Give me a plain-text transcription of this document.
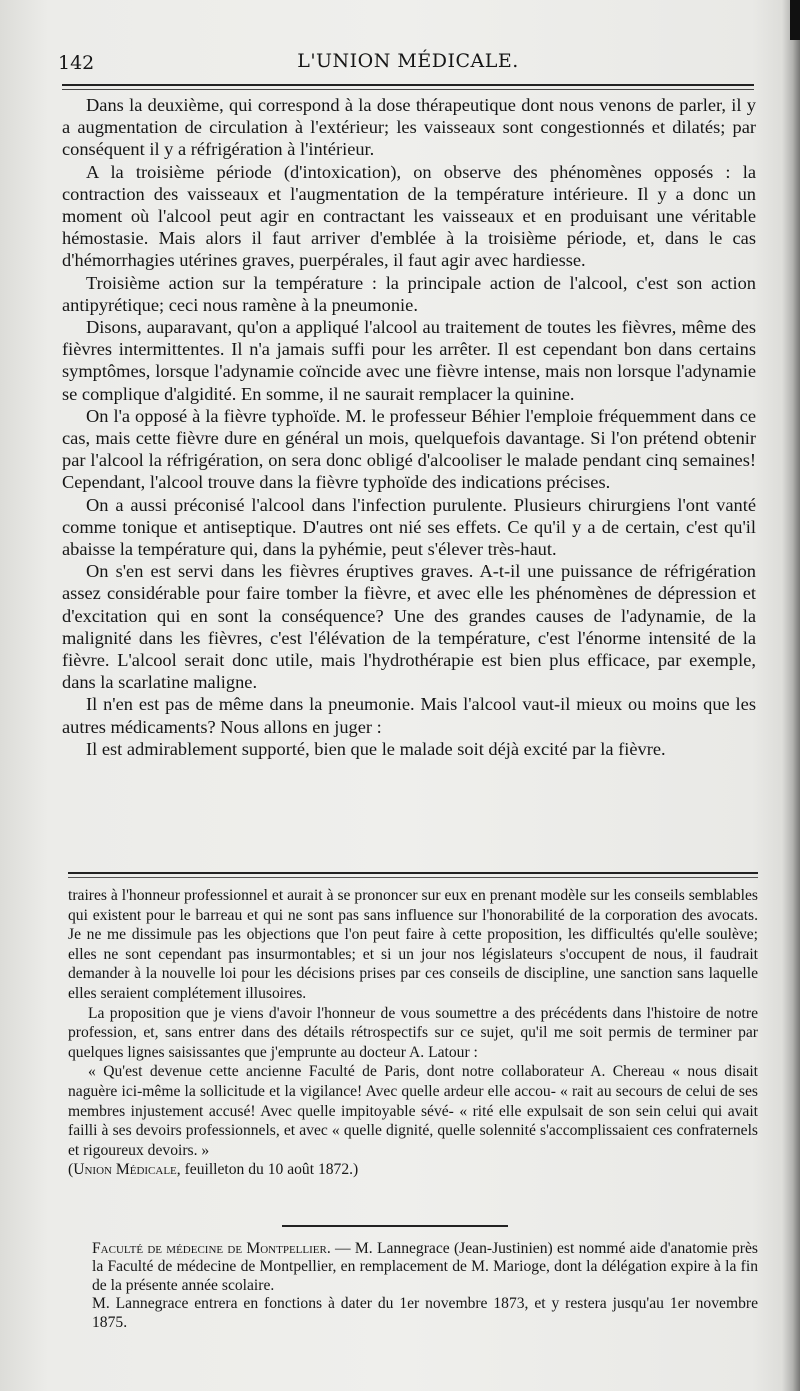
142	L'UNION MÉDICALE.

Dans la deuxième, qui correspond à la dose thérapeutique dont nous venons de parler, il y a augmentation de circulation à l'extérieur; les vaisseaux sont congestionnés et dilatés; par conséquent il y a réfrigération à l'intérieur.

A la troisième période (d'intoxication), on observe des phénomènes opposés : la contraction des vaisseaux et l'augmentation de la température intérieure. Il y a donc un moment où l'alcool peut agir en contractant les vaisseaux et en produisant une véritable hémostasie. Mais alors il faut arriver d'emblée à la troisième période, et, dans le cas d'hémorrhagies utérines graves, puerpérales, il faut agir avec hardiesse.

Troisième action sur la température : la principale action de l'alcool, c'est son action antipyrétique; ceci nous ramène à la pneumonie.

Disons, auparavant, qu'on a appliqué l'alcool au traitement de toutes les fièvres, même des fièvres intermittentes. Il n'a jamais suffi pour les arrêter. Il est cependant bon dans certains symptômes, lorsque l'adynamie coïncide avec une fièvre intense, mais non lorsque l'adynamie se complique d'algidité. En somme, il ne saurait remplacer la quinine.

On l'a opposé à la fièvre typhoïde. M. le professeur Béhier l'emploie fréquemment dans ce cas, mais cette fièvre dure en général un mois, quelquefois davantage. Si l'on prétend obtenir par l'alcool la réfrigération, on sera donc obligé d'alcooliser le malade pendant cinq semaines! Cependant, l'alcool trouve dans la fièvre typhoïde des indications précises.

On a aussi préconisé l'alcool dans l'infection purulente. Plusieurs chirurgiens l'ont vanté comme tonique et antiseptique. D'autres ont nié ses effets. Ce qu'il y a de certain, c'est qu'il abaisse la température qui, dans la pyhémie, peut s'élever très-haut.

On s'en est servi dans les fièvres éruptives graves. A-t-il une puissance de réfrigération assez considérable pour faire tomber la fièvre, et avec elle les phénomènes de dépression et d'excitation qui en sont la conséquence? Une des grandes causes de l'adynamie, de la malignité dans les fièvres, c'est l'élévation de la température, c'est l'énorme intensité de la fièvre. L'alcool serait donc utile, mais l'hydrothérapie est bien plus efficace, par exemple, dans la scarlatine maligne.

Il n'en est pas de même dans la pneumonie. Mais l'alcool vaut-il mieux ou moins que les autres médicaments? Nous allons en juger :

Il est admirablement supporté, bien que le malade soit déjà excité par la fièvre.

traires à l'honneur professionnel et aurait à se prononcer sur eux en prenant modèle sur les conseils semblables qui existent pour le barreau et qui ne sont pas sans influence sur l'honorabilité de la corporation des avocats. Je ne me dissimule pas les objections que l'on peut faire à cette proposition, les difficultés qu'elle soulève; elles ne sont cependant pas insurmontables; et si un jour nos législateurs s'occupent de nous, il faudrait demander à la nouvelle loi pour les décisions prises par ces conseils de discipline, une sanction sans laquelle elles seraient complétement illusoires.

La proposition que je viens d'avoir l'honneur de vous soumettre a des précédents dans l'histoire de notre profession, et, sans entrer dans des détails rétrospectifs sur ce sujet, qu'il me soit permis de terminer par quelques lignes saisissantes que j'emprunte au docteur A. Latour :

« Qu'est devenue cette ancienne Faculté de Paris, dont notre collaborateur A. Chereau « nous disait naguère ici-même la sollicitude et la vigilance! Avec quelle ardeur elle accou- « rait au secours de celui de ses membres injustement accusé! Avec quelle impitoyable sévé- « rité elle expulsait de son sein celui qui avait failli à ses devoirs professionnels, et avec « quelle dignité, quelle solennité s'accomplissaient ces confraternels et rigoureux devoirs. »

(Union Médicale, feuilleton du 10 août 1872.)

Faculté de médecine de Montpellier. — M. Lannegrace (Jean-Justinien) est nommé aide d'anatomie près la Faculté de médecine de Montpellier, en remplacement de M. Marioge, dont la délégation expire à la fin de la présente année scolaire.

M. Lannegrace entrera en fonctions à dater du 1er novembre 1873, et y restera jusqu'au 1er novembre 1875.
